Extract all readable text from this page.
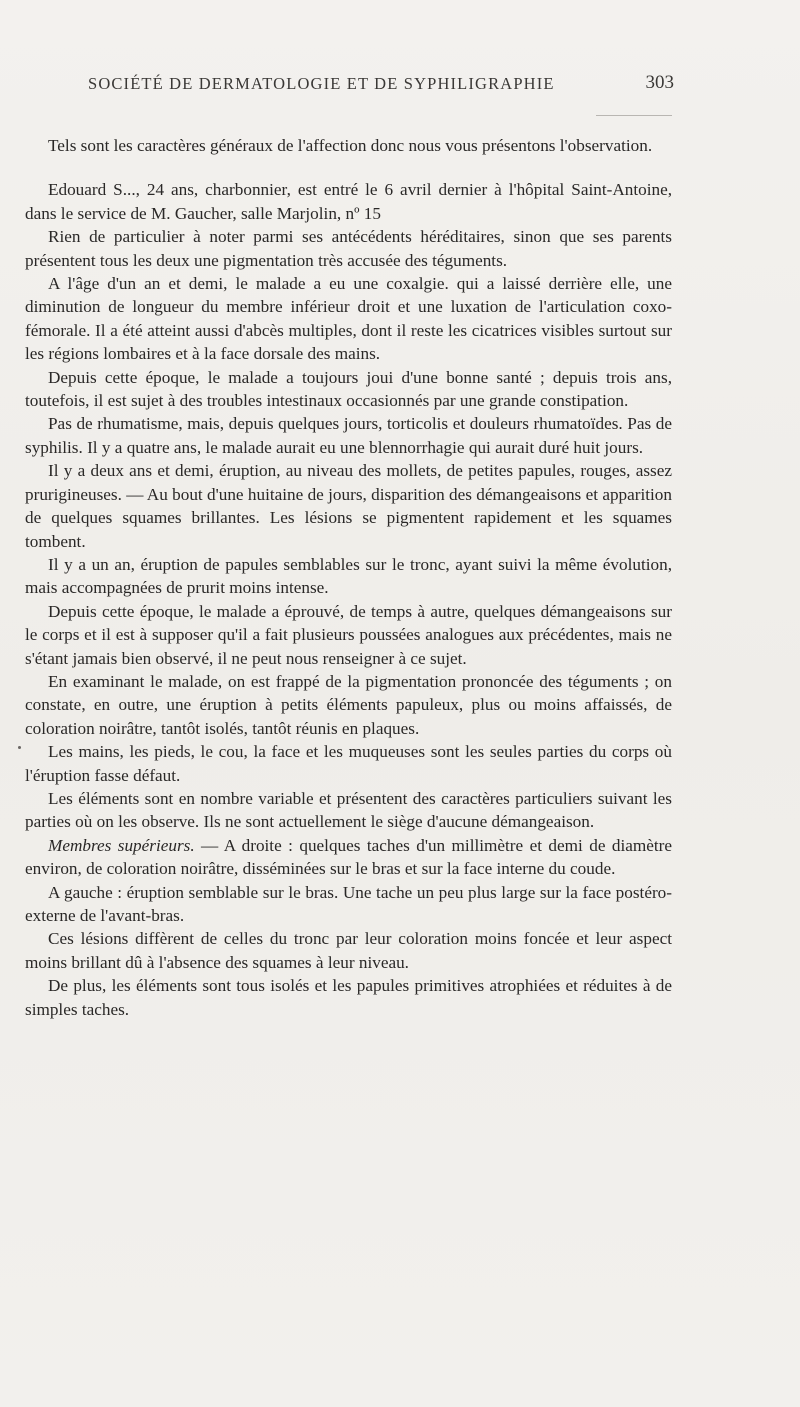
SOCIÉTÉ DE DERMATOLOGIE ET DE SYPHILIGRAPHIE	303

Tels sont les caractères généraux de l'affection donc nous vous présentons l'observation.

Edouard S..., 24 ans, charbonnier, est entré le 6 avril dernier à l'hôpital Saint-Antoine, dans le service de M. Gaucher, salle Marjolin, nº 15

Rien de particulier à noter parmi ses antécédents héréditaires, sinon que ses parents présentent tous les deux une pigmentation très accusée des téguments.

A l'âge d'un an et demi, le malade a eu une coxalgie. qui a laissé derrière elle, une diminution de longueur du membre inférieur droit et une luxation de l'articulation coxo-fémorale. Il a été atteint aussi d'abcès multiples, dont il reste les cicatrices visibles surtout sur les régions lombaires et à la face dorsale des mains.

Depuis cette époque, le malade a toujours joui d'une bonne santé ; depuis trois ans, toutefois, il est sujet à des troubles intestinaux occasionnés par une grande constipation.

Pas de rhumatisme, mais, depuis quelques jours, torticolis et douleurs rhumatoïdes. Pas de syphilis. Il y a quatre ans, le malade aurait eu une blennorrhagie qui aurait duré huit jours.

Il y a deux ans et demi, éruption, au niveau des mollets, de petites papules, rouges, assez prurigineuses. — Au bout d'une huitaine de jours, disparition des démangeaisons et apparition de quelques squames brillantes. Les lésions se pigmentent rapidement et les squames tombent.

Il y a un an, éruption de papules semblables sur le tronc, ayant suivi la même évolution, mais accompagnées de prurit moins intense.

Depuis cette époque, le malade a éprouvé, de temps à autre, quelques démangeaisons sur le corps et il est à supposer qu'il a fait plusieurs poussées analogues aux précédentes, mais ne s'étant jamais bien observé, il ne peut nous renseigner à ce sujet.

En examinant le malade, on est frappé de la pigmentation prononcée des téguments ; on constate, en outre, une éruption à petits éléments papuleux, plus ou moins affaissés, de coloration noirâtre, tantôt isolés, tantôt réunis en plaques.

Les mains, les pieds, le cou, la face et les muqueuses sont les seules parties du corps où l'éruption fasse défaut.

Les éléments sont en nombre variable et présentent des caractères particuliers suivant les parties où on les observe. Ils ne sont actuellement le siège d'aucune démangeaison.

Membres supérieurs. — A droite : quelques taches d'un millimètre et demi de diamètre environ, de coloration noirâtre, disséminées sur le bras et sur la face interne du coude.

A gauche : éruption semblable sur le bras. Une tache un peu plus large sur la face postéro-externe de l'avant-bras.

Ces lésions diffèrent de celles du tronc par leur coloration moins foncée et leur aspect moins brillant dû à l'absence des squames à leur niveau.

De plus, les éléments sont tous isolés et les papules primitives atrophiées et réduites à de simples taches.
